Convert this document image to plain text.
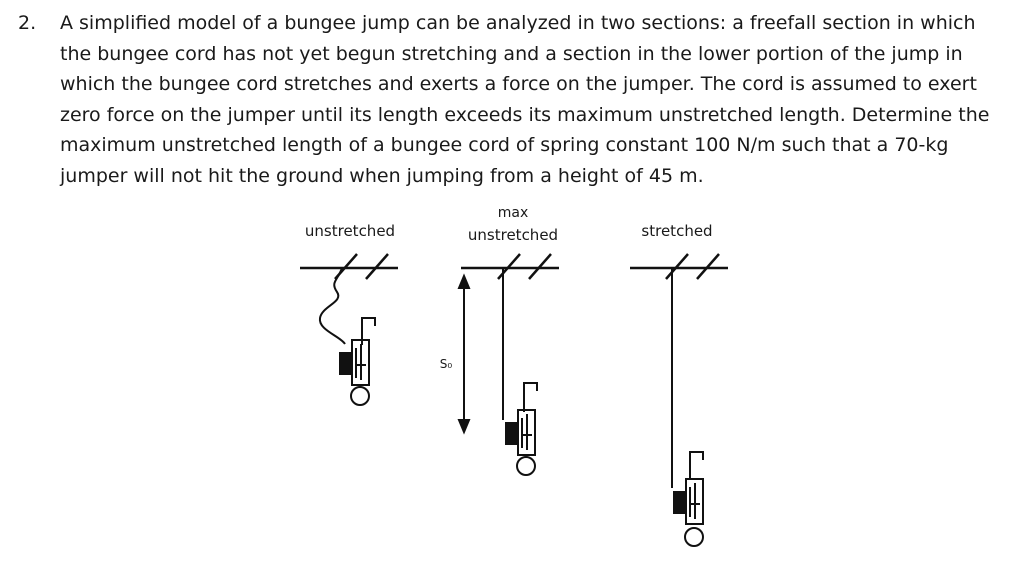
2. A simplified model of a bungee jump can be analyzed in two sections: a freefall section in which the bungee cord has not yet begun stretching and a section in the lower portion of the jump in which the bungee cord stretches and exerts a force on the jumper. The cord is assumed to exert zero force on the jumper until its length exceeds its maximum unstretched length. Determine the maximum unstretched length of a bungee cord of spring constant 100 N/m such that a 70-kg jumper will not hit the ground when jumping from a height of 45 m.
unstretched
max
unstretched
S₀
stretched
